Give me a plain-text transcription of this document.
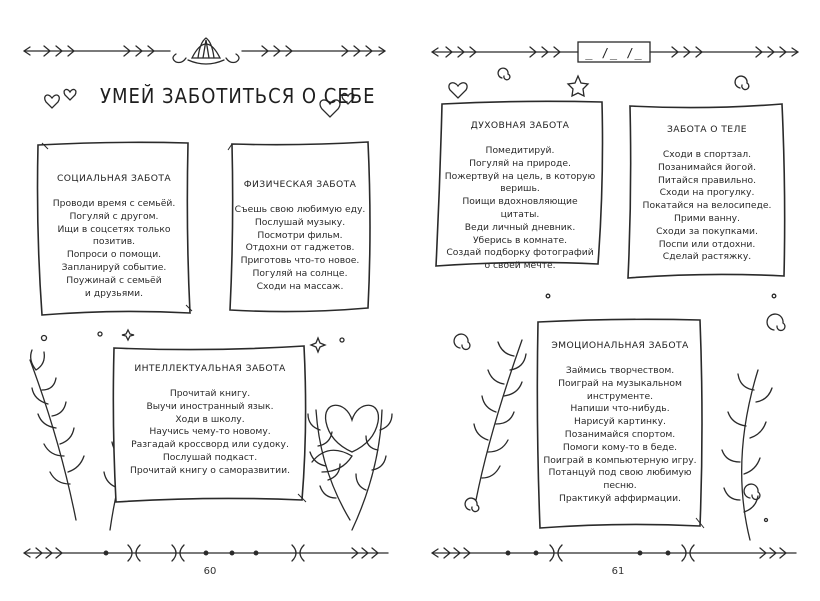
УМЕЙ ЗАБОТИТЬСЯ О СЕБЕ
СОЦИАЛЬНАЯ ЗАБОТА
Проводи время с семьёй.
Погуляй с другом.
Ищи в соцсетях только
позитив.
Попроси о помощи.
Запланируй событие.
Поужинай с семьёй
и друзьями.
ФИЗИЧЕСКАЯ ЗАБОТА
Съешь свою любимую еду.
Послушай музыку.
Посмотри фильм.
Отдохни от гаджетов.
Приготовь что-то новое.
Погуляй на солнце.
Сходи на массаж.
ИНТЕЛЛЕКТУАЛЬНАЯ ЗАБОТА
Прочитай книгу.
Выучи иностранный язык.
Ходи в школу.
Научись чему-то новому.
Разгадай кроссворд или судоку.
Послушай подкаст.
Прочитай книгу о саморазвитии.
60
_ /_ /_
ДУХОВНАЯ ЗАБОТА
Помедитируй.
Погуляй на природе.
Пожертвуй на цель, в которую
веришь.
Поищи вдохновляющие
цитаты.
Веди личный дневник.
Уберись в комнате.
Создай подборку фотографий
о своей мечте.
ЗАБОТА О ТЕЛЕ
Сходи в спортзал.
Позанимайся йогой.
Питайся правильно.
Сходи на прогулку.
Покатайся на велосипеде.
Прими ванну.
Сходи за покупками.
Поспи или отдохни.
Сделай растяжку.
ЭМОЦИОНАЛЬНАЯ ЗАБОТА
Займись творчеством.
Поиграй на музыкальном
инструменте.
Напиши что-нибудь.
Нарисуй картинку.
Позанимайся спортом.
Помоги кому-то в беде.
Поиграй в компьютерную игру.
Потанцуй под свою любимую
песню.
Практикуй аффирмации.
61
